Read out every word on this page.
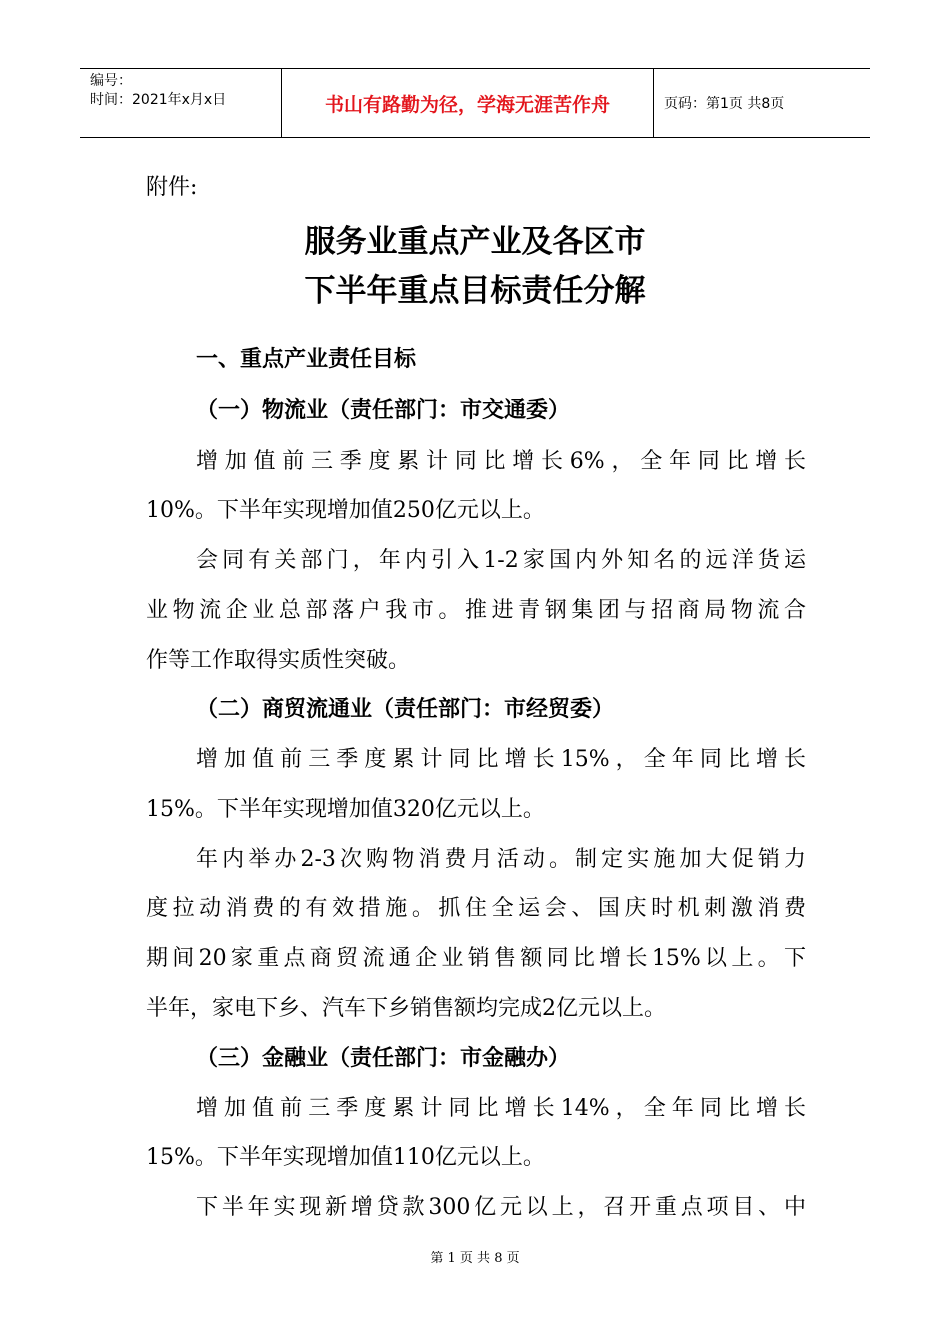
编号：
时间：2021年x月x日	书山有路勤为径，学海无涯苦作舟	页码：第1页 共8页
附件:
服务业重点产业及各区市
下半年重点目标责任分解
一、重点产业责任目标
（一）物流业（责任部门：市交通委）
增加值前三季度累计同比增长6%，全年同比增长
10%。下半年实现增加值250亿元以上。
会同有关部门，年内引入1-2家国内外知名的远洋货运
业物流企业总部落户我市。推进青钢集团与招商局物流合
作等工作取得实质性突破。
（二）商贸流通业（责任部门：市经贸委）
增加值前三季度累计同比增长15%，全年同比增长
15%。下半年实现增加值320亿元以上。
年内举办2-3次购物消费月活动。制定实施加大促销力
度拉动消费的有效措施。抓住全运会、国庆时机刺激消费
期间20家重点商贸流通企业销售额同比增长15%以上。下
半年，家电下乡、汽车下乡销售额均完成2亿元以上。
（三）金融业（责任部门：市金融办）
增加值前三季度累计同比增长14%，全年同比增长
15%。下半年实现增加值110亿元以上。
下半年实现新增贷款300亿元以上，召开重点项目、中
第 1 页 共 8 页
